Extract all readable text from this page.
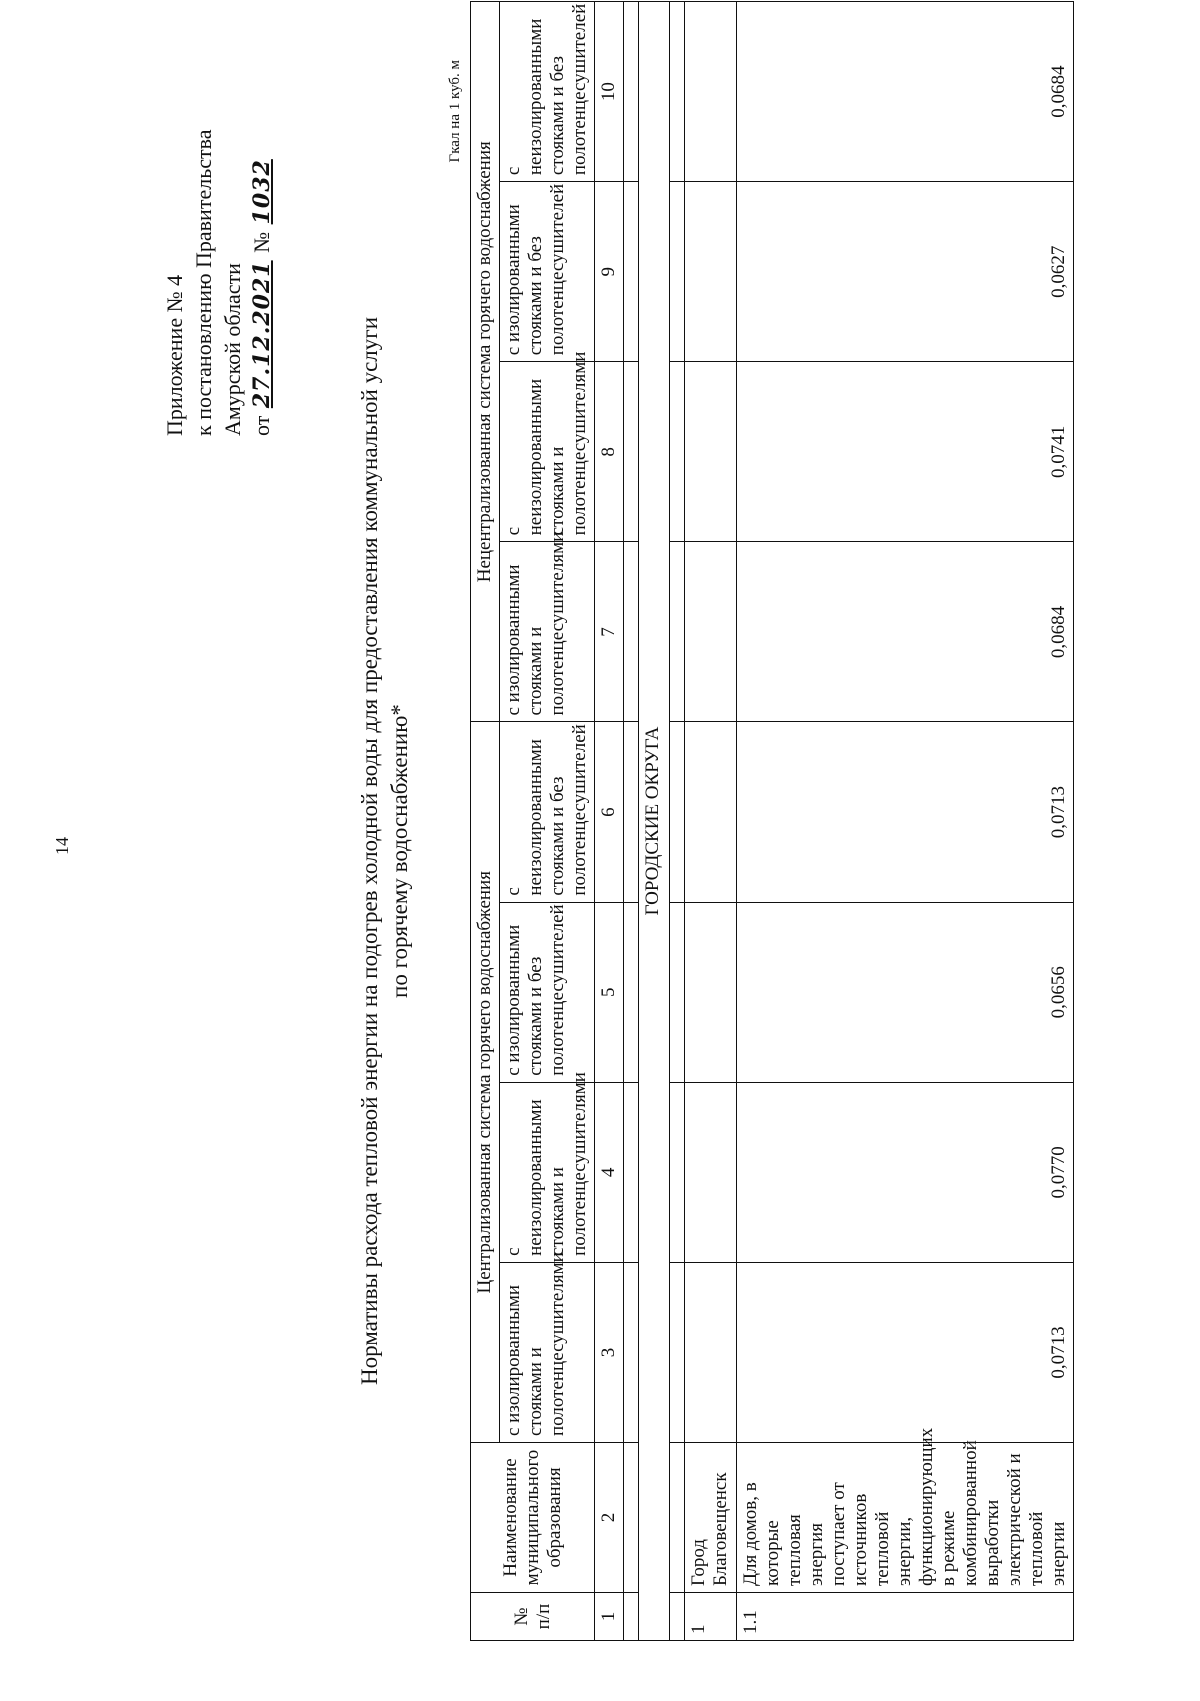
14
Приложение № 4 к постановлению Правительства Амурской области от 27.12.2021 № 1032
Нормативы расхода тепловой энергии на подогрев холодной воды для предоставления коммунальной услуги по горячему водоснабжению*
Гкал на 1 куб. м
№ п/п	Наименование муниципального образования	Централизованная система горячего водоснабжения				Нецентрализованная система горячего водоснабжения			
		с изолированными стояками и полотенцесушителями	с неизолированными стояками и полотенцесушителями	с изолированными стояками и без полотенцесушителей	с неизолированными стояками и без полотенцесушителей	с изолированными стояками и полотенцесушителями	с неизолированными стояками и полотенцесушителями	с изолированными стояками и без полотенцесушителей	с неизолированными стояками и без полотенцесушителей
1	2	3	4	5	6	7	8	9	10

ГОРОДСКИЕ ОКРУГА									

1	Город Благовещенск								
1.1	Для домов, в которые тепловая энергия поступает от источников тепловой энергии, функционирующих в режиме комбинированной выработки электрической и тепловой энергии	0,0713	0,0770	0,0656	0,0713	0,0684	0,0741	0,0627	0,0684
